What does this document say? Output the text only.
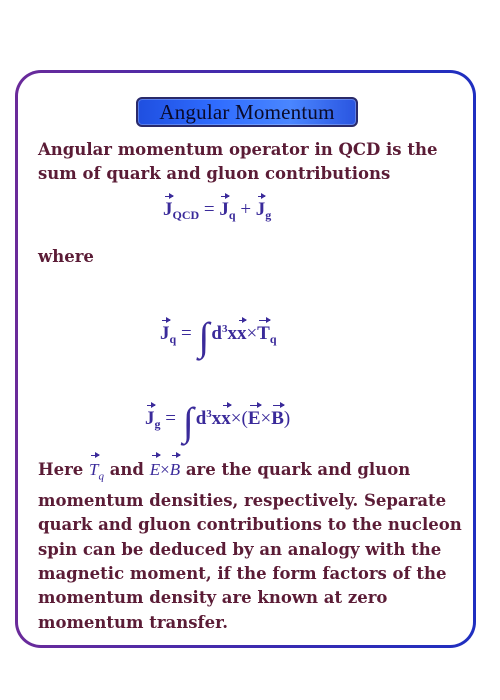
Angular Momentum
Angular momentum operator in QCD is the
sum of quark and gluon contributions
$J_{QCD} = J_q + J_g$
where
$J_q$ = ∫ $d^3xx\times T_q$
$J_g$ = ∫ $d^3xx\times(E\times B)$
Here $T_q$ and E×B are the quark and gluon
momentum densities, respectively. Separate
quark and gluon contributions to the nucleon
spin can be deduced by an analogy with the
magnetic moment, if the form factors of the
momentum density are known at zero
momentum transfer.
